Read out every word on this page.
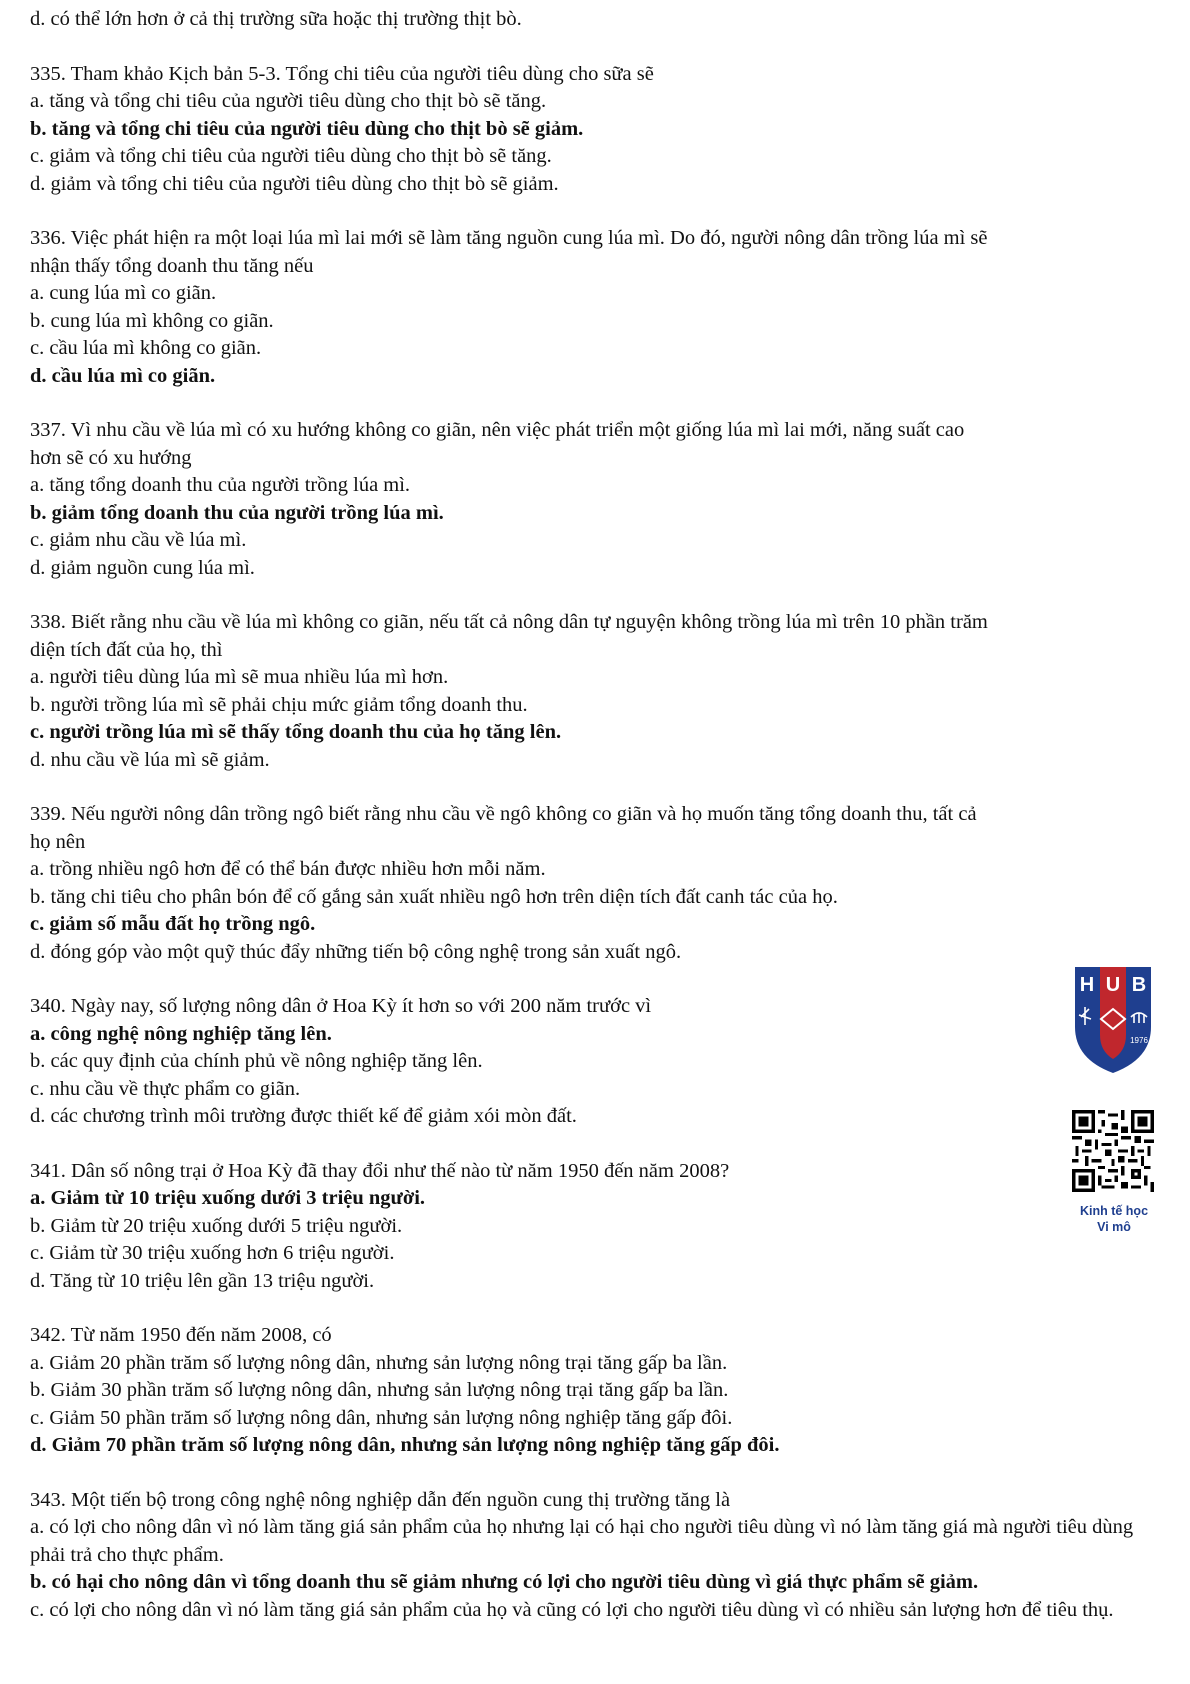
d. có thể lớn hơn ở cả thị trường sữa hoặc thị trường thịt bò.

335. Tham khảo Kịch bản 5-3. Tổng chi tiêu của người tiêu dùng cho sữa sẽ

a. tăng và tổng chi tiêu của người tiêu dùng cho thịt bò sẽ tăng.

b. tăng và tổng chi tiêu của người tiêu dùng cho thịt bò sẽ giảm.

c. giảm và tổng chi tiêu của người tiêu dùng cho thịt bò sẽ tăng.

d. giảm và tổng chi tiêu của người tiêu dùng cho thịt bò sẽ giảm.

336. Việc phát hiện ra một loại lúa mì lai mới sẽ làm tăng nguồn cung lúa mì. Do đó, người nông dân trồng lúa mì sẽ

nhận thấy tổng doanh thu tăng nếu

a. cung lúa mì co giãn.

b. cung lúa mì không co giãn.

c. cầu lúa mì không co giãn.

d. cầu lúa mì co giãn.

337. Vì nhu cầu về lúa mì có xu hướng không co giãn, nên việc phát triển một giống lúa mì lai mới, năng suất cao

hơn sẽ có xu hướng

a. tăng tổng doanh thu của người trồng lúa mì.

b. giảm tổng doanh thu của người trồng lúa mì.

c. giảm nhu cầu về lúa mì.

d. giảm nguồn cung lúa mì.

338. Biết rằng nhu cầu về lúa mì không co giãn, nếu tất cả nông dân tự nguyện không trồng lúa mì trên 10 phần trăm

diện tích đất của họ, thì

a. người tiêu dùng lúa mì sẽ mua nhiều lúa mì hơn.

b. người trồng lúa mì sẽ phải chịu mức giảm tổng doanh thu.

c. người trồng lúa mì sẽ thấy tổng doanh thu của họ tăng lên.

d. nhu cầu về lúa mì sẽ giảm.

339. Nếu người nông dân trồng ngô biết rằng nhu cầu về ngô không co giãn và họ muốn tăng tổng doanh thu, tất cả

họ nên

a. trồng nhiều ngô hơn để có thể bán được nhiều hơn mỗi năm.

b. tăng chi tiêu cho phân bón để cố gắng sản xuất nhiều ngô hơn trên diện tích đất canh tác của họ.

c. giảm số mẫu đất họ trồng ngô.

d. đóng góp vào một quỹ thúc đẩy những tiến bộ công nghệ trong sản xuất ngô.

340. Ngày nay, số lượng nông dân ở Hoa Kỳ ít hơn so với 200 năm trước vì

a. công nghệ nông nghiệp tăng lên.

b. các quy định của chính phủ về nông nghiệp tăng lên.

c. nhu cầu về thực phẩm co giãn.

d. các chương trình môi trường được thiết kế để giảm xói mòn đất.

341. Dân số nông trại ở Hoa Kỳ đã thay đổi như thế nào từ năm 1950 đến năm 2008?

a. Giảm từ 10 triệu xuống dưới 3 triệu người.

b. Giảm từ 20 triệu xuống dưới 5 triệu người.

c. Giảm từ 30 triệu xuống hơn 6 triệu người.

d. Tăng từ 10 triệu lên gần 13 triệu người.

342. Từ năm 1950 đến năm 2008, có

a. Giảm 20 phần trăm số lượng nông dân, nhưng sản lượng nông trại tăng gấp ba lần.

b. Giảm 30 phần trăm số lượng nông dân, nhưng sản lượng nông trại tăng gấp ba lần.

c. Giảm 50 phần trăm số lượng nông dân, nhưng sản lượng nông nghiệp tăng gấp đôi.

d. Giảm 70 phần trăm số lượng nông dân, nhưng sản lượng nông nghiệp tăng gấp đôi.

343. Một tiến bộ trong công nghệ nông nghiệp dẫn đến nguồn cung thị trường tăng là

a. có lợi cho nông dân vì nó làm tăng giá sản phẩm của họ nhưng lại có hại cho người tiêu dùng vì nó làm tăng giá mà người tiêu dùng phải trả cho thực phẩm.

b. có hại cho nông dân vì tổng doanh thu sẽ giảm nhưng có lợi cho người tiêu dùng vì giá thực phẩm sẽ giảm.

c. có lợi cho nông dân vì nó làm tăng giá sản phẩm của họ và cũng có lợi cho người tiêu dùng vì có nhiều sản lượng hơn để tiêu thụ.

H U B
1976
Kinh tế học
Vi mô
